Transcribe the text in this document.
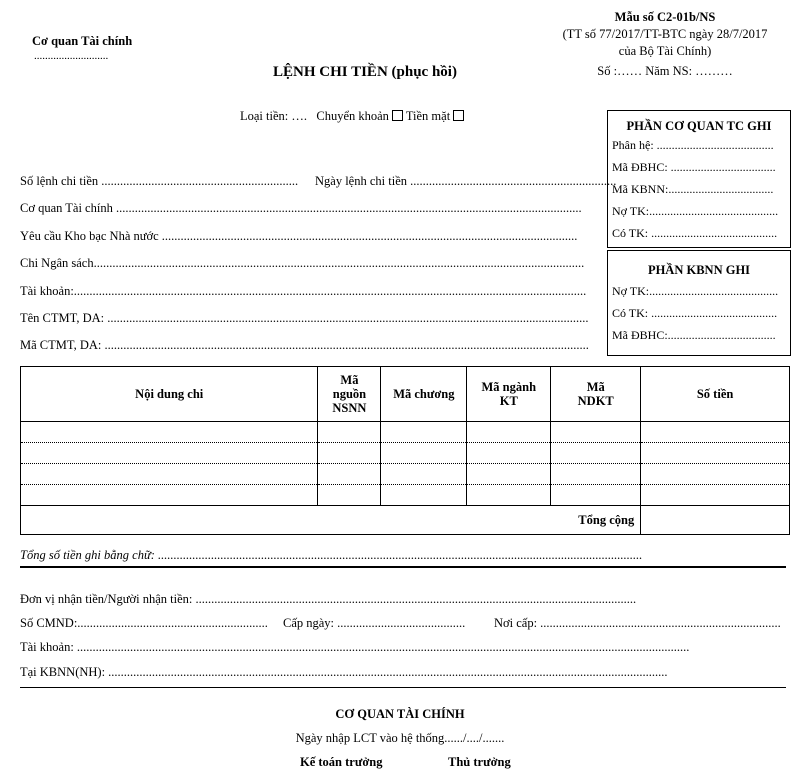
Cơ quan Tài chính
...........................
Mẫu số C2-01b/NS
(TT số 77/2017/TT-BTC ngày 28/7/2017
của Bộ Tài Chính)
Số :…… Năm NS: ………
LỆNH CHI TIỀN (phục hồi)
Loại tiền: …. Chuyển khoản Tiền mặt
Số lệnh chi tiền ............................................................... Ngày lệnh chi tiền ..................................................................
Cơ quan Tài chính .....................................................................................................................................................
Yêu cầu Kho bạc Nhà nước .....................................................................................................................................
Chi Ngân sách.............................................................................................................................................................
Tài khoản:....................................................................................................................................................................
Tên CTMT, DA: ..........................................................................................................................................................
Mã CTMT, DA: ...........................................................................................................................................................
PHẦN CƠ QUAN TC GHI
Phân hệ: .......................................
Mã ĐBHC: ...................................
Mã KBNN:...................................
Nợ TK:...........................................
Có TK: ..........................................
PHẦN KBNN GHI
Nợ TK:...........................................
Có TK: ..........................................
Mã ĐBHC:....................................
Nội dung chi	Mã nguồn NSNN	Mã chương	Mã ngành KT	Mã NDKT	Số tiền

Tổng cộng					
Tổng số tiền ghi bằng chữ: ...........................................................................................................................................................
Đơn vị nhận tiền/Người nhận tiền: .............................................................................................................................................
Số CMND:............................................................. Cấp ngày: ......................................... Nơi cấp: .............................................................................
Tài khoản: ....................................................................................................................................................................................................
Tại KBNN(NH): ...................................................................................................................................................................................
CƠ QUAN TÀI CHÍNH
Ngày nhập LCT vào hệ thống....../..../.......
Kế toán trưởng	Thủ trưởng
